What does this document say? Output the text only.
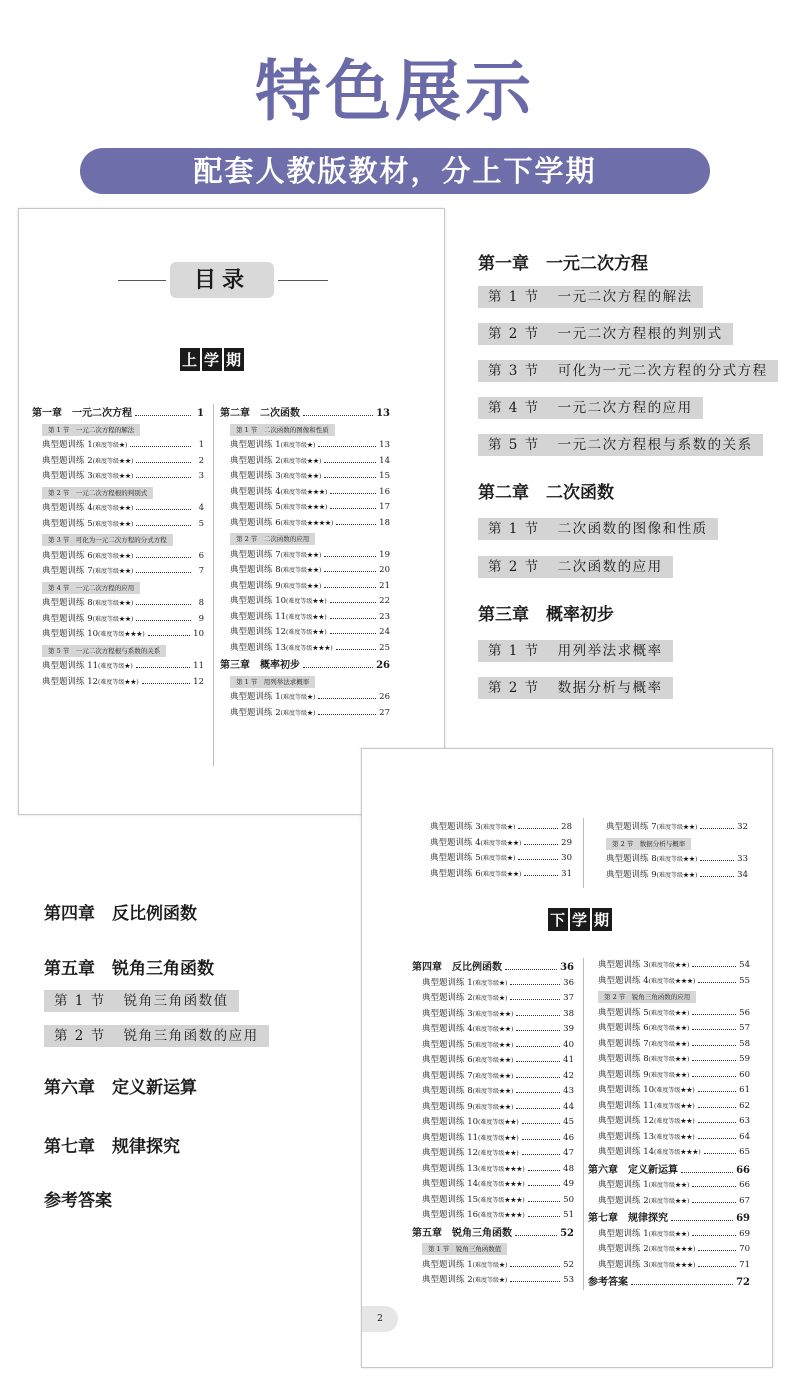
特色展示
配套人教版教材，分上下学期
目录
上 学 期
第一章　一元二次方程	1
第 1 节　一元二次方程的解法
典型题训练 1 (难度等级★)	1
典型题训练 2 (难度等级★★)	2
典型题训练 3 (难度等级★★)	3
第 2 节　一元二次方程根的判别式
典型题训练 4 (难度等级★★)	4
典型题训练 5 (难度等级★★)	5
第 3 节　可化为一元二次方程的分式方程
典型题训练 6 (难度等级★★)	6
典型题训练 7 (难度等级★★)	7
第 4 节　一元二次方程的应用
典型题训练 8 (难度等级★★)	8
典型题训练 9 (难度等级★★)	9
典型题训练 10 (难度等级★★★)	10
第 5 节　一元二次方程根与系数的关系
典型题训练 11 (难度等级★)	11
典型题训练 12 (难度等级★★)	12
第二章　二次函数	13
第 1 节　二次函数的图像和性质
典型题训练 1 (难度等级★)	13
典型题训练 2 (难度等级★★)	14
典型题训练 3 (难度等级★★)	15
典型题训练 4 (难度等级★★★)	16
典型题训练 5 (难度等级★★★)	17
典型题训练 6 (难度等级★★★★)	18
第 2 节　二次函数的应用
典型题训练 7 (难度等级★★)	19
典型题训练 8 (难度等级★★)	20
典型题训练 9 (难度等级★★)	21
典型题训练 10 (难度等级★★)	22
典型题训练 11 (难度等级★★)	23
典型题训练 12 (难度等级★★)	24
典型题训练 13 (难度等级★★★)	25
第三章　概率初步	26
第 1 节　用列举法求概率
典型题训练 1 (难度等级★)	26
典型题训练 2 (难度等级★)	27
第一章　一元二次方程
第 1 节 一元二次方程的解法
第 2 节 一元二次方程根的判别式
第 3 节 可化为一元二次方程的分式方程
第 4 节 一元二次方程的应用
第 5 节 一元二次方程根与系数的关系
第二章　二次函数
第 1 节 二次函数的图像和性质
第 2 节 二次函数的应用
第三章　概率初步
第 1 节 用列举法求概率
第 2 节 数据分析与概率
第四章　反比例函数
第五章　锐角三角函数
第 1 节 锐角三角函数值
第 2 节 锐角三角函数的应用
第六章　定义新运算
第七章　规律探究
参考答案
典型题训练 3 (难度等级★)	28
典型题训练 4 (难度等级★★)	29
典型题训练 5 (难度等级★)	30
典型题训练 6 (难度等级★★)	31
典型题训练 7 (难度等级★★)	32
第 2 节　数据分析与概率
典型题训练 8 (难度等级★★)	33
典型题训练 9 (难度等级★★)	34
下 学 期
第四章　反比例函数	36
典型题训练 1 (难度等级★)	36
典型题训练 2 (难度等级★)	37
典型题训练 3 (难度等级★★)	38
典型题训练 4 (难度等级★★)	39
典型题训练 5 (难度等级★★)	40
典型题训练 6 (难度等级★★)	41
典型题训练 7 (难度等级★★)	42
典型题训练 8 (难度等级★★)	43
典型题训练 9 (难度等级★★)	44
典型题训练 10 (难度等级★★)	45
典型题训练 11 (难度等级★★)	46
典型题训练 12 (难度等级★★)	47
典型题训练 13 (难度等级★★★)	48
典型题训练 14 (难度等级★★★)	49
典型题训练 15 (难度等级★★★)	50
典型题训练 16 (难度等级★★★)	51
第五章　锐角三角函数	52
第 1 节　锐角三角函数值
典型题训练 1 (难度等级★)	52
典型题训练 2 (难度等级★)	53
典型题训练 3 (难度等级★★)	54
典型题训练 4 (难度等级★★★)	55
第 2 节　锐角三角函数的应用
典型题训练 5 (难度等级★★)	56
典型题训练 6 (难度等级★★)	57
典型题训练 7 (难度等级★★)	58
典型题训练 8 (难度等级★★)	59
典型题训练 9 (难度等级★★)	60
典型题训练 10 (难度等级★★)	61
典型题训练 11 (难度等级★★)	62
典型题训练 12 (难度等级★★)	63
典型题训练 13 (难度等级★★)	64
典型题训练 14 (难度等级★★★)	65
第六章　定义新运算	66
典型题训练 1 (难度等级★★)	66
典型题训练 2 (难度等级★★)	67
第七章　规律探究	69
典型题训练 1 (难度等级★★)	69
典型题训练 2 (难度等级★★★)	70
典型题训练 3 (难度等级★★★)	71
参考答案	72
2
